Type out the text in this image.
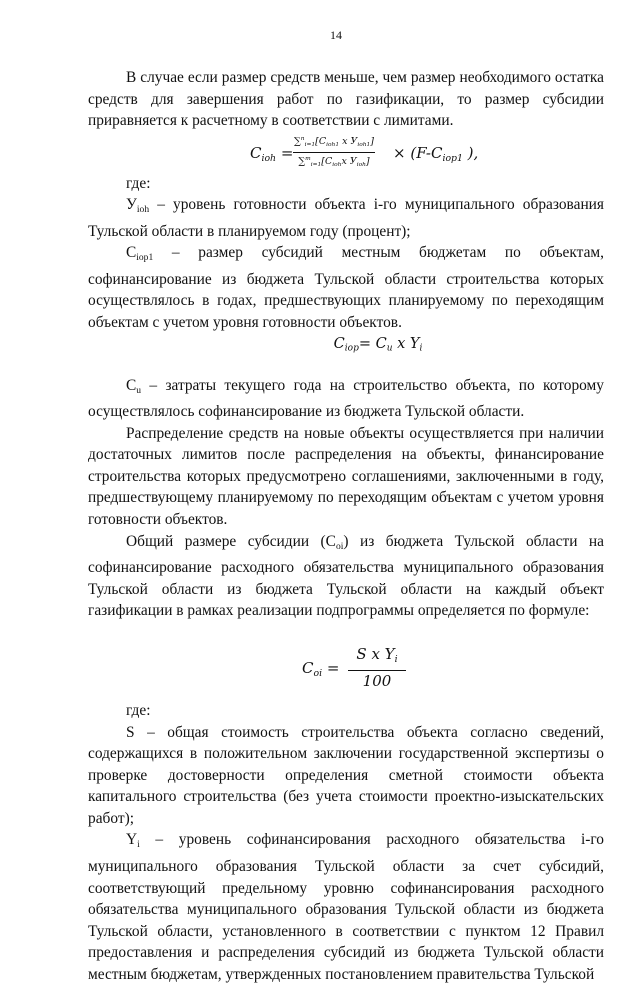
14

В случае если размер средств меньше, чем размер необходимого остатка средств для завершения работ по газификации, то размер субсидии приравняется к расчетному в соответствии с лимитами.

$C_{ioh}$ =
$\sum^n_{i=1}[C_{ioh1}$ x $У_{ioh1}$]
$\sum^m_{i=1}[C_{ioh}x$ $У_{ioh}$]	× ($F-C_{iop1}$ ),

где:

$У_{ioh}$ – уровень готовности объекта i-го муниципального образования Тульской области в планируемом году (процент);

$C_{iop1}$ – размер субсидий местным бюджетам по объектам, софинансирование из бюджета Тульской области строительства которых осуществлялось в годах, предшествующих планируемому по переходящим объектам с учетом уровня готовности объектов.

$C_{iop}= C_u$ x $Y_i$

$C_u$ – затраты текущего года на строительство объекта, по которому осуществлялось софинансирование из бюджета Тульской области.

Распределение средств на новые объекты осуществляется при наличии достаточных лимитов после распределения на объекты, финансирование строительства которых предусмотрено соглашениями, заключенными в году, предшествующему планируемому по переходящим объектам с учетом уровня готовности объектов.

Общий размере субсидии $(C_{oi})$ из бюджета Тульской области на софинансирование расходного обязательства муниципального образования Тульской области из бюджета Тульской области на каждый объект газификации в рамках реализации подпрограммы определяется по формуле:

$C_{oi} = \frac{S x Y_i}{100}$

где:

S – общая стоимость строительства объекта согласно сведений, содержащихся в положительном заключении государственной экспертизы о проверке достоверности определения сметной стоимости объекта капитального строительства (без учета стоимости проектно-изыскательских работ);

$Y_i$ – уровень софинансирования расходного обязательства i-го муниципального образования Тульской области за счет субсидий, соответствующий предельному уровню софинансирования расходного обязательства муниципального образования Тульской области из бюджета Тульской области, установленного в соответствии с пунктом 12 Правил предоставления и распределения субсидий из бюджета Тульской области местным бюджетам, утвержденных постановлением правительства Тульской
